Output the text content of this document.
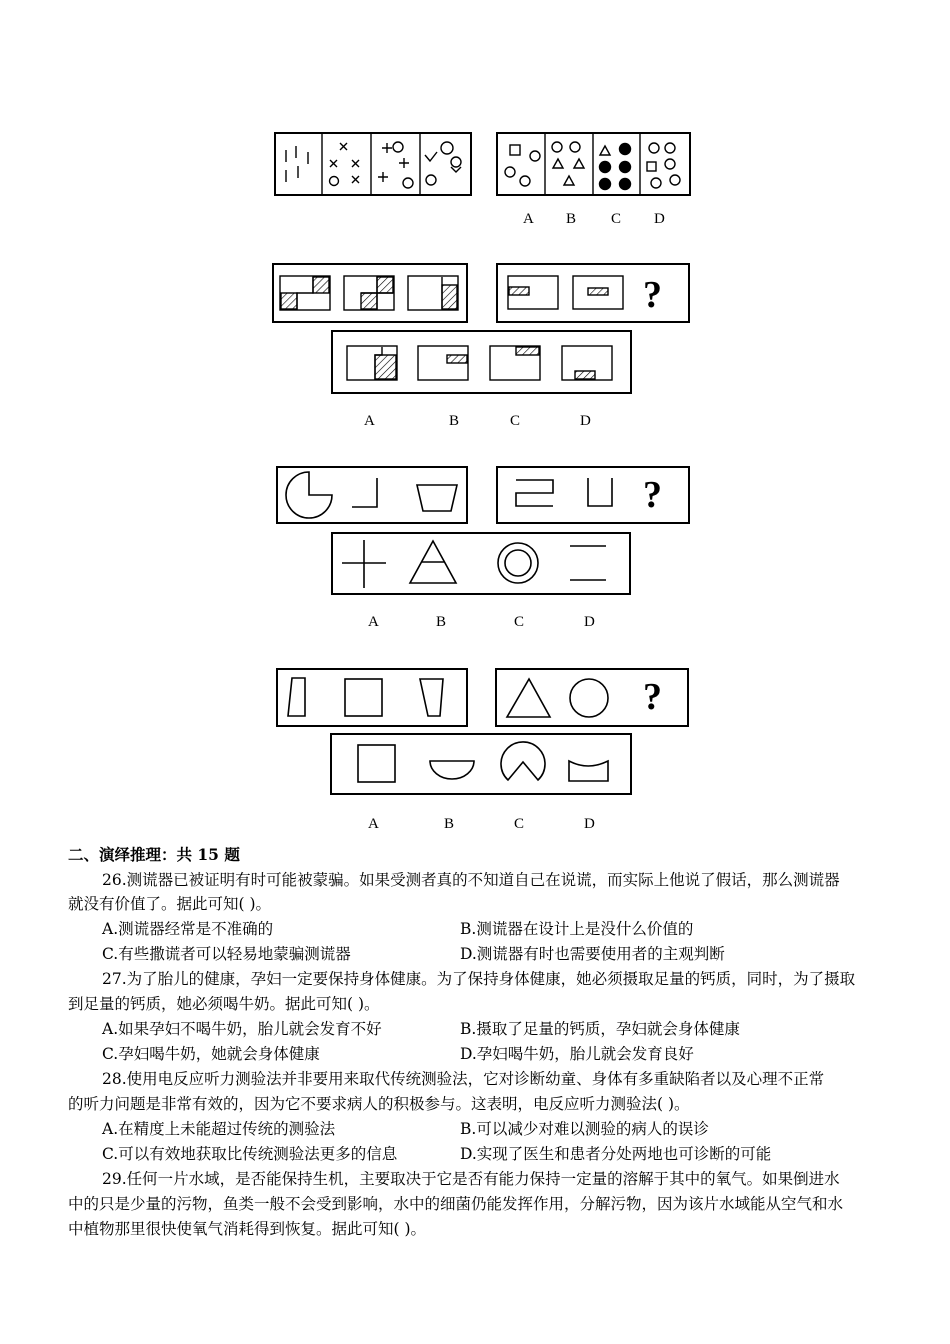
A B C D
?
A	B	C	D
?
A	B	C	D
?
A	B	C	D
二、演绎推理：共 15 题
26.测谎器已被证明有时可能被蒙骗。如果受测者真的不知道自己在说谎，而实际上他说了假话，那么测谎器
就没有价值了。据此可知( )。
A.测谎器经常是不准确的	B.测谎器在设计上是没什么价值的
C.有些撒谎者可以轻易地蒙骗测谎器	D.测谎器有时也需要使用者的主观判断
27.为了胎儿的健康，孕妇一定要保持身体健康。为了保持身体健康，她必须摄取足量的钙质，同时，为了摄取
到足量的钙质，她必须喝牛奶。据此可知( )。
A.如果孕妇不喝牛奶，胎儿就会发育不好	B.摄取了足量的钙质，孕妇就会身体健康
C.孕妇喝牛奶，她就会身体健康	D.孕妇喝牛奶，胎儿就会发育良好
28.使用电反应听力测验法并非要用来取代传统测验法，它对诊断幼童、身体有多重缺陷者以及心理不正常
的听力问题是非常有效的，因为它不要求病人的积极参与。这表明，电反应听力测验法( )。
A.在精度上未能超过传统的测验法	B.可以减少对难以测验的病人的误诊
C.可以有效地获取比传统测验法更多的信息	D.实现了医生和患者分处两地也可诊断的可能
29.任何一片水域，是否能保持生机，主要取决于它是否有能力保持一定量的溶解于其中的氧气。如果倒进水
中的只是少量的污物，鱼类一般不会受到影响，水中的细菌仍能发挥作用，分解污物，因为该片水域能从空气和水
中植物那里很快使氧气消耗得到恢复。据此可知( )。
